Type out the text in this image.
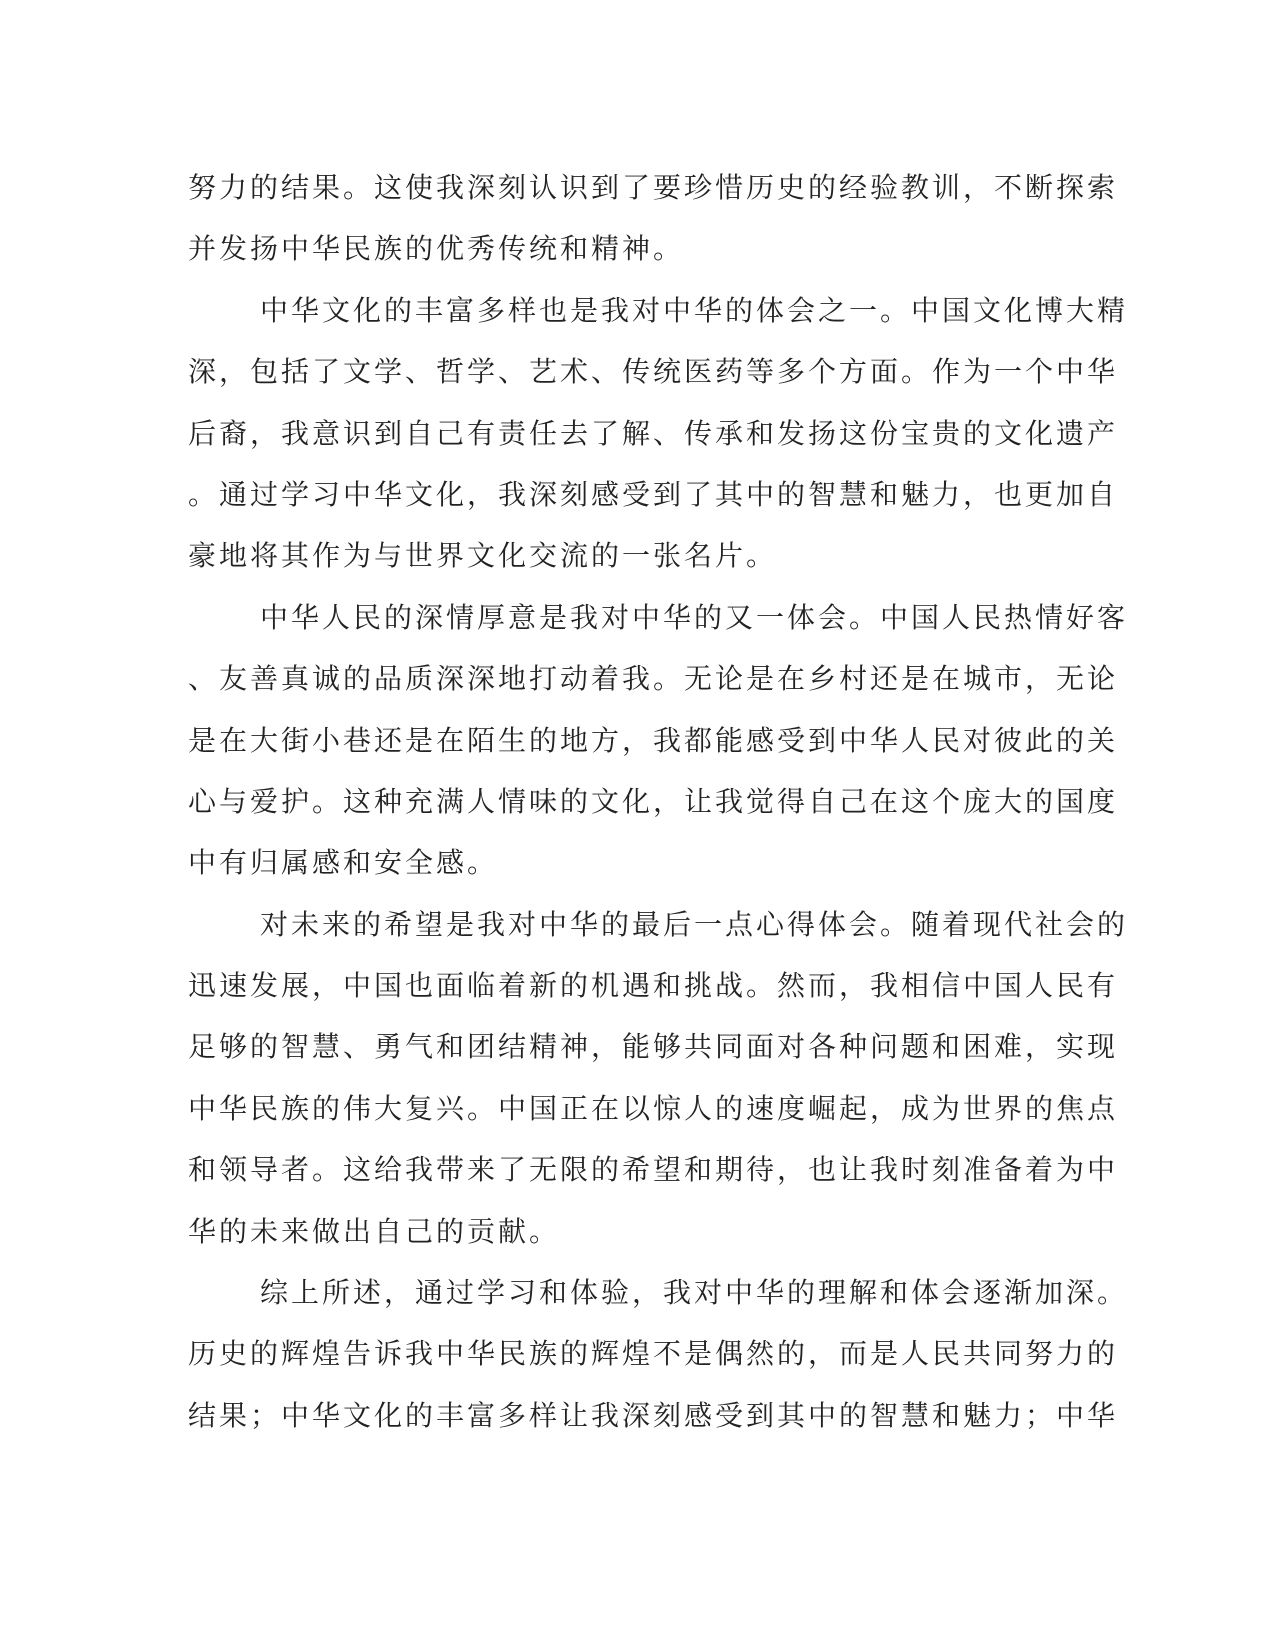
努力的结果。这使我深刻认识到了要珍惜历史的经验教训，不断探索
并发扬中华民族的优秀传统和精神。
中华文化的丰富多样也是我对中华的体会之一。中国文化博大精
深，包括了文学、哲学、艺术、传统医药等多个方面。作为一个中华
后裔，我意识到自己有责任去了解、传承和发扬这份宝贵的文化遗产
。通过学习中华文化，我深刻感受到了其中的智慧和魅力，也更加自
豪地将其作为与世界文化交流的一张名片。
中华人民的深情厚意是我对中华的又一体会。中国人民热情好客
、友善真诚的品质深深地打动着我。无论是在乡村还是在城市，无论
是在大街小巷还是在陌生的地方，我都能感受到中华人民对彼此的关
心与爱护。这种充满人情味的文化，让我觉得自己在这个庞大的国度
中有归属感和安全感。
对未来的希望是我对中华的最后一点心得体会。随着现代社会的
迅速发展，中国也面临着新的机遇和挑战。然而，我相信中国人民有
足够的智慧、勇气和团结精神，能够共同面对各种问题和困难，实现
中华民族的伟大复兴。中国正在以惊人的速度崛起，成为世界的焦点
和领导者。这给我带来了无限的希望和期待，也让我时刻准备着为中
华的未来做出自己的贡献。
综上所述，通过学习和体验，我对中华的理解和体会逐渐加深。
历史的辉煌告诉我中华民族的辉煌不是偶然的，而是人民共同努力的
结果；中华文化的丰富多样让我深刻感受到其中的智慧和魅力；中华
